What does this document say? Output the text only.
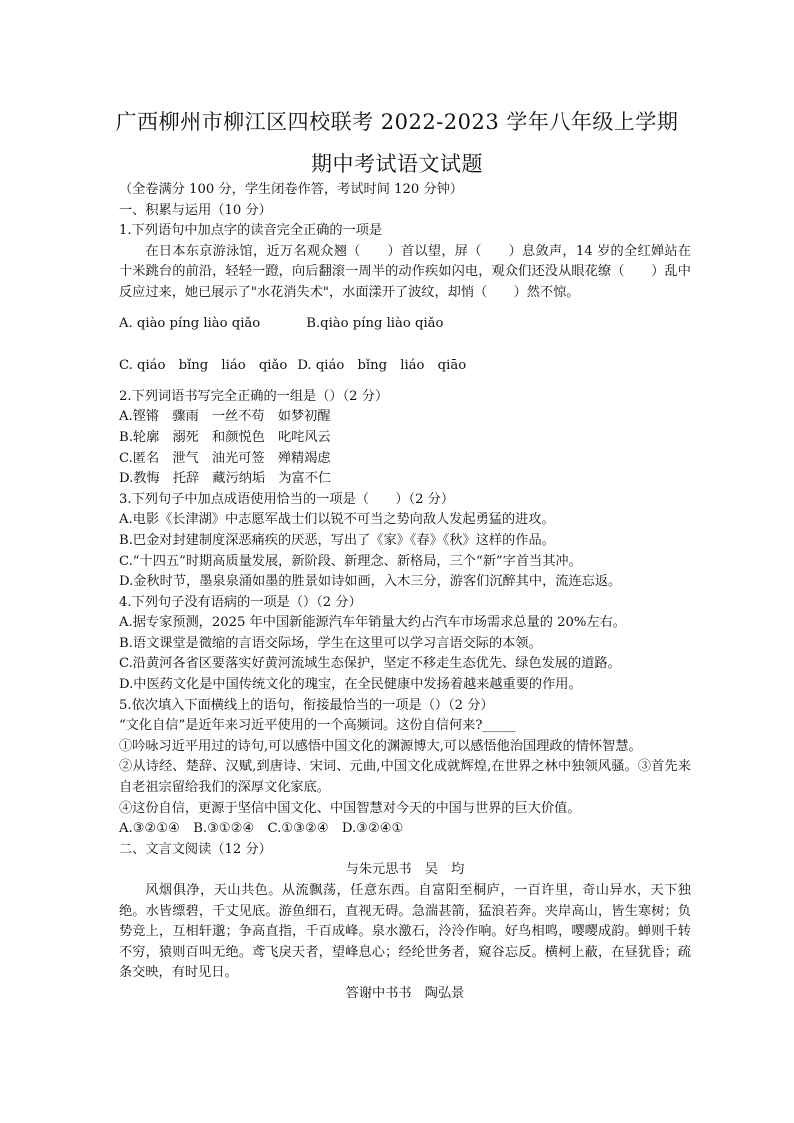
广西柳州市柳江区四校联考 2022-2023 学年八年级上学期
期中考试语文试题

（全卷满分 100 分，学生闭卷作答，考试时间 120 分钟）

一、积累与运用（10 分）

1.下列语句中加点字的读音完全正确的一项是

在日本东京游泳馆，近万名观众翘（　　）首以望，屏（　　）息敛声，14 岁的全红婵站在十米跳台的前沿，轻轻一蹬，向后翻滚一周半的动作疾如闪电，观众们还没从眼花缭（　　）乱中反应过来，她已展示了"水花消失术"，水面漾开了波纹，却悄（　　）然不惊。

A. qiào píng liào qiǎo	B.qiào píng liào qiǎo

C. qiáo　bǐng　liáo　qiǎo D. qiáo　bǐng　liáo　qiāo

2.下列词语书写完全正确的一组是（）（2 分）

A.铿锵　骤雨　一丝不苟　如梦初醒

B.轮廓　溺死　和颜悦色　叱咤风云

C.匿名　泄气　油光可签　殚精竭虑

D.教悔　托辞　藏污纳垢　为富不仁

3.下列句子中加点成语使用恰当的一项是（　　）（2 分）

A.电影《长津湖》中志愿军战士们以锐不可当之势向敌人发起勇猛的进攻。

B.巴金对封建制度深恶痛疾的厌恶，写出了《家》《春》《秋》这样的作品。

C.“十四五”时期高质量发展，新阶段、新理念、新格局，三个“新”字首当其冲。

D.金秋时节，墨泉泉涌如墨的胜景如诗如画，入木三分，游客们沉醉其中，流连忘返。

4.下列句子没有语病的一项是（）（2 分）

A.据专家预测，2025 年中国新能源汽车年销量大约占汽车市场需求总量的 20%左右。

B.语文课堂是微缩的言语交际场，学生在这里可以学习言语交际的本领。

C.沿黄河各省区要落实好黄河流域生态保护，坚定不移走生态优先、绿色发展的道路。

D.中医药文化是中国传统文化的瑰宝，在全民健康中发扬着越来越重要的作用。

5.依次填入下面横线上的语句，衔接最恰当的一项是（）（2 分）

“文化自信”是近年来习近平使用的一个高频词。这份自信何来?_____

①吟咏习近平用过的诗句,可以感悟中国文化的渊源博大,可以感悟他治国理政的情怀智慧。

②从诗经、楚辞、汉赋,到唐诗、宋词、元曲,中国文化成就辉煌,在世界之林中独领风骚。③首先来自老祖宗留给我们的深厚文化家底。

④这份自信，更源于坚信中国文化、中国智慧对今天的中国与世界的巨大价值。

A.③②①④　B.③①②④　C.①③②④　D.③②④①

二、文言文阅读（12 分）

与朱元思书　吴　均

风烟俱净，天山共色。从流飘荡，任意东西。自富阳至桐庐，一百许里，奇山异水，天下独绝。水皆缥碧，千丈见底。游鱼细石，直视无碍。急湍甚箭，猛浪若奔。夹岸高山，皆生寒树；负势竞上，互相轩邈；争高直指，千百成峰。泉水激石，泠泠作响。好鸟相鸣，嘤嘤成韵。蝉则千转不穷，猿则百叫无绝。鸢飞戾天者，望峰息心；经纶世务者，窥谷忘反。横柯上蔽，在昼犹昏；疏条交映，有时见日。

答谢中书书　陶弘景
